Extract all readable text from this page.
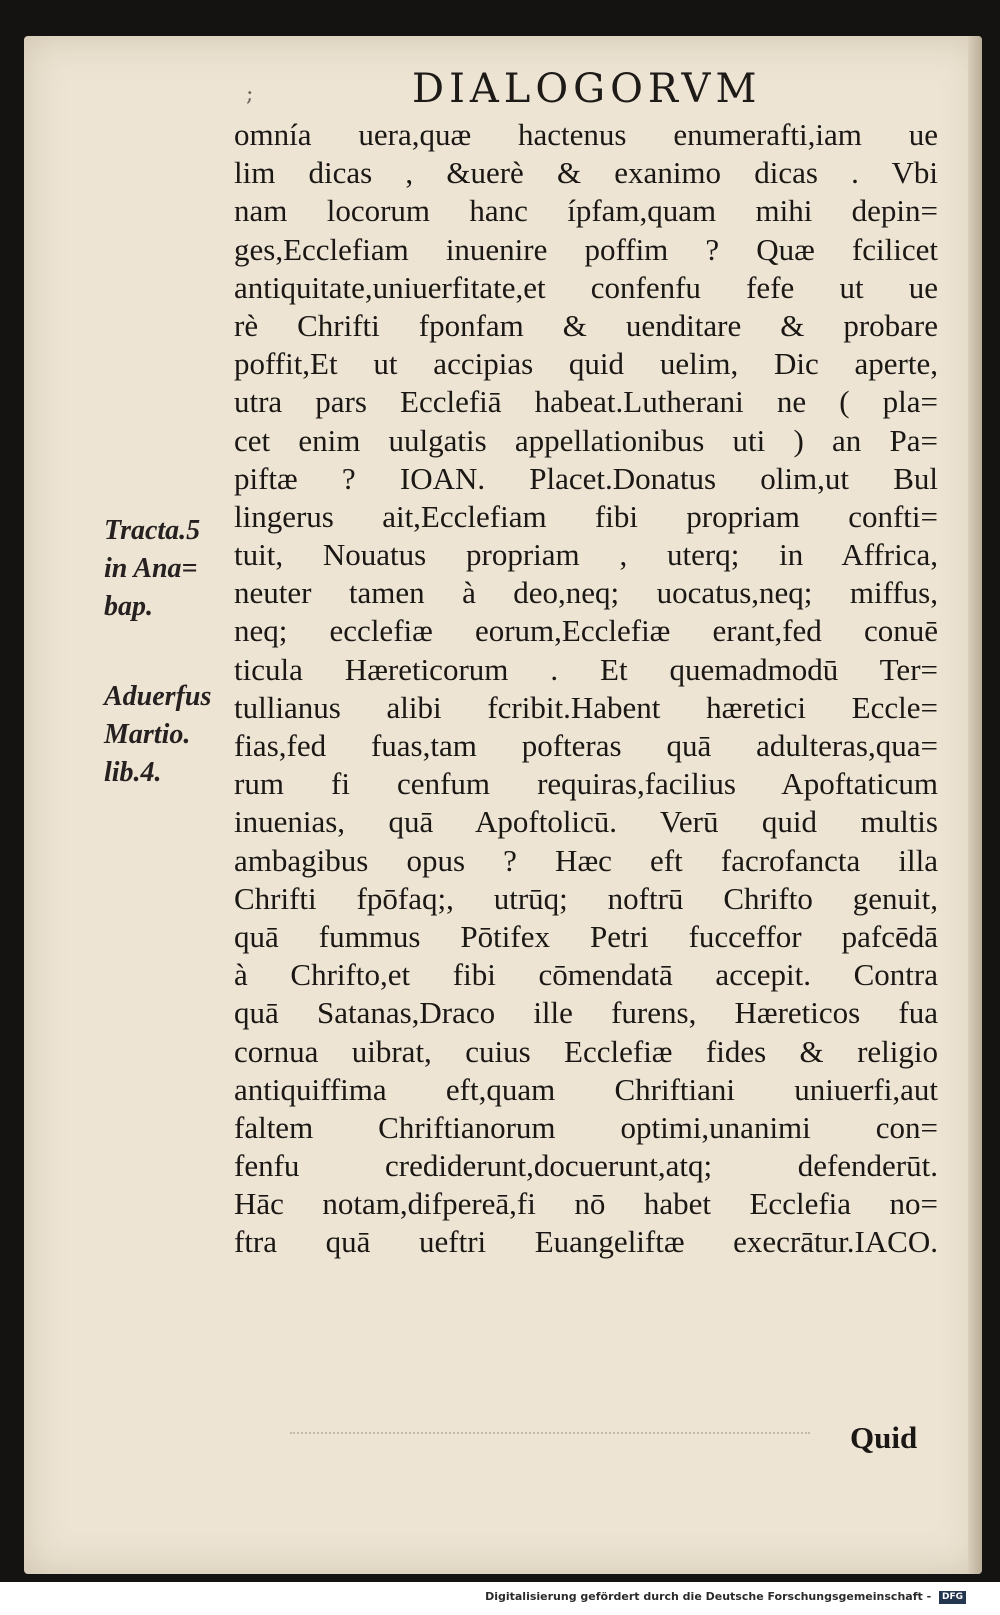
;	DIALOGORVM
omnía uera,quæ hactenus enumerafti,iam ue
lim dicas , &uerè & exanimo dicas . Vbi
nam locorum hanc ípfam,quam mihi depin=
ges,Ecclefiam inuenire poffim ? Quæ fcilicet
antiquitate,uniuerfitate,et confenfu fefe ut ue
rè Chrifti fponfam & uenditare & probare
poffit,Et ut accipias quid uelim, Dic aperte,
utra pars Ecclefiā habeat.Lutherani ne ( pla=
cet enim uulgatis appellationibus uti ) an Pa=
piftæ ? IOAN. Placet.Donatus olim,ut Bul
lingerus ait,Ecclefiam fibi propriam confti=
tuit, Nouatus propriam , uterq; in Affrica,
neuter tamen à deo,neq; uocatus,neq; miffus,
neq; ecclefiæ eorum,Ecclefiæ erant,fed conuē
ticula Hæreticorum . Et quemadmodū Ter=
tullianus alibi fcribit.Habent hæretici Eccle=
fias,fed fuas,tam pofteras quā adulteras,qua=
rum fi cenfum requiras,facilius Apoftaticum
inuenias, quā Apoftolicū. Verū quid multis
ambagibus opus ? Hæc eft facrofancta illa
Chrifti fpōfaq;, utrūq; noftrū Chrifto genuit,
quā fummus Pōtifex Petri fucceffor pafcēdā
à Chrifto,et fibi cōmendatā accepit. Contra
quā Satanas,Draco ille furens, Hæreticos fua
cornua uibrat, cuius Ecclefiæ fides & religio
antiquiffima eft,quam Chriftiani uniuerfi,aut
faltem Chriftianorum optimi,unanimi con=
fenfu crediderunt,docuerunt,atq; defenderūt.
Hāc notam,difpereā,fi nō habet Ecclefia no=
ftra quā ueftri Euangeliftæ execrātur.IACO.
Quid
Tracta.5
in Ana=
bap.
Aduerfus
Martio.
lib.4.
Digitalisierung gefördert durch die Deutsche Forschungsgemeinschaft - DFG
